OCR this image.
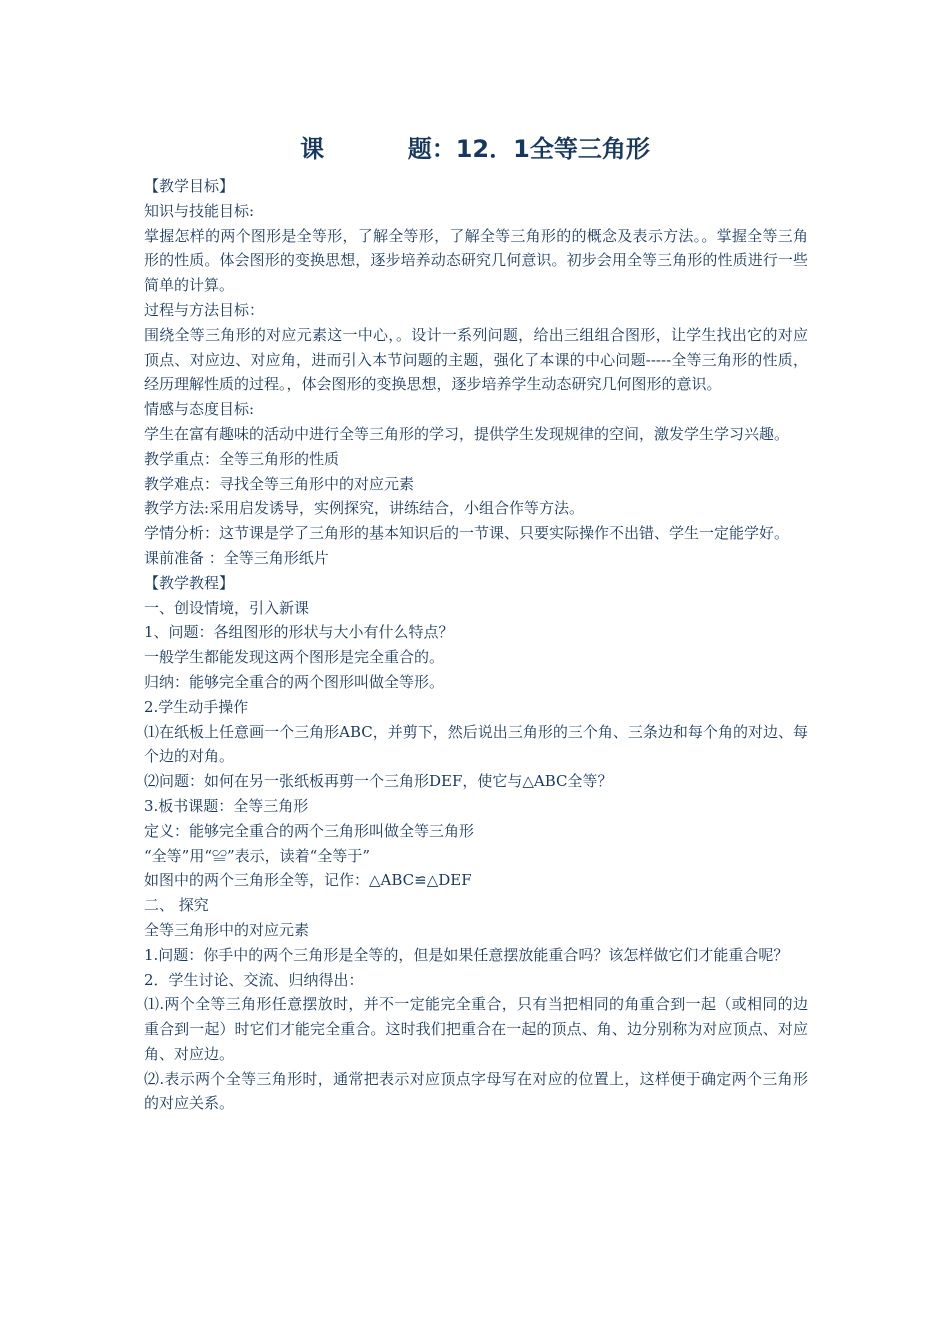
课          题：12．1全等三角形

【教学目标】

知识与技能目标:

掌握怎样的两个图形是全等形，了解全等形，了解全等三角形的的概念及表示方法。。掌握全等三角形的性质。体会图形的变换思想，逐步培养动态研究几何意识。初步会用全等三角形的性质进行一些简单的计算。

过程与方法目标：

围绕全等三角形的对应元素这一中心，。设计一系列问题，给出三组组合图形，让学生找出它的对应顶点、对应边、对应角，进而引入本节问题的主题，强化了本课的中心问题-----全等三角形的性质，经历理解性质的过程。，体会图形的变换思想，逐步培养学生动态研究几何图形的意识。

情感与态度目标:

学生在富有趣味的活动中进行全等三角形的学习，提供学生发现规律的空间，激发学生学习兴趣。

教学重点：全等三角形的性质

教学难点：寻找全等三角形中的对应元素

教学方法:采用启发诱导，实例探究，讲练结合，小组合作等方法。

学情分析：这节课是学了三角形的基本知识后的一节课、只要实际操作不出错、学生一定能学好。

课前准备 ：全等三角形纸片

【教学教程】

一、创设情境，引入新课

1、问题：各组图形的形状与大小有什么特点？

一般学生都能发现这两个图形是完全重合的。

归纳：能够完全重合的两个图形叫做全等形。

2.学生动手操作

⑴在纸板上任意画一个三角形ABC，并剪下，然后说出三角形的三个角、三条边和每个角的对边、每个边的对角。

⑵问题：如何在另一张纸板再剪一个三角形DEF，使它与△ABC全等？

3.板书课题：全等三角形

定义：能够完全重合的两个三角形叫做全等三角形

“全等”用“≌”表示，读着“全等于”

如图中的两个三角形全等，记作：△ABC≌△DEF

二、 探究

全等三角形中的对应元素

1.问题：你手中的两个三角形是全等的，但是如果任意摆放能重合吗？该怎样做它们才能重合呢？

2．学生讨论、交流、归纳得出：

⑴.两个全等三角形任意摆放时，并不一定能完全重合，只有当把相同的角重合到一起（或相同的边重合到一起）时它们才能完全重合。这时我们把重合在一起的顶点、角、边分别称为对应顶点、对应角、对应边。

⑵.表示两个全等三角形时，通常把表示对应顶点字母写在对应的位置上，这样便于确定两个三角形的对应关系。
